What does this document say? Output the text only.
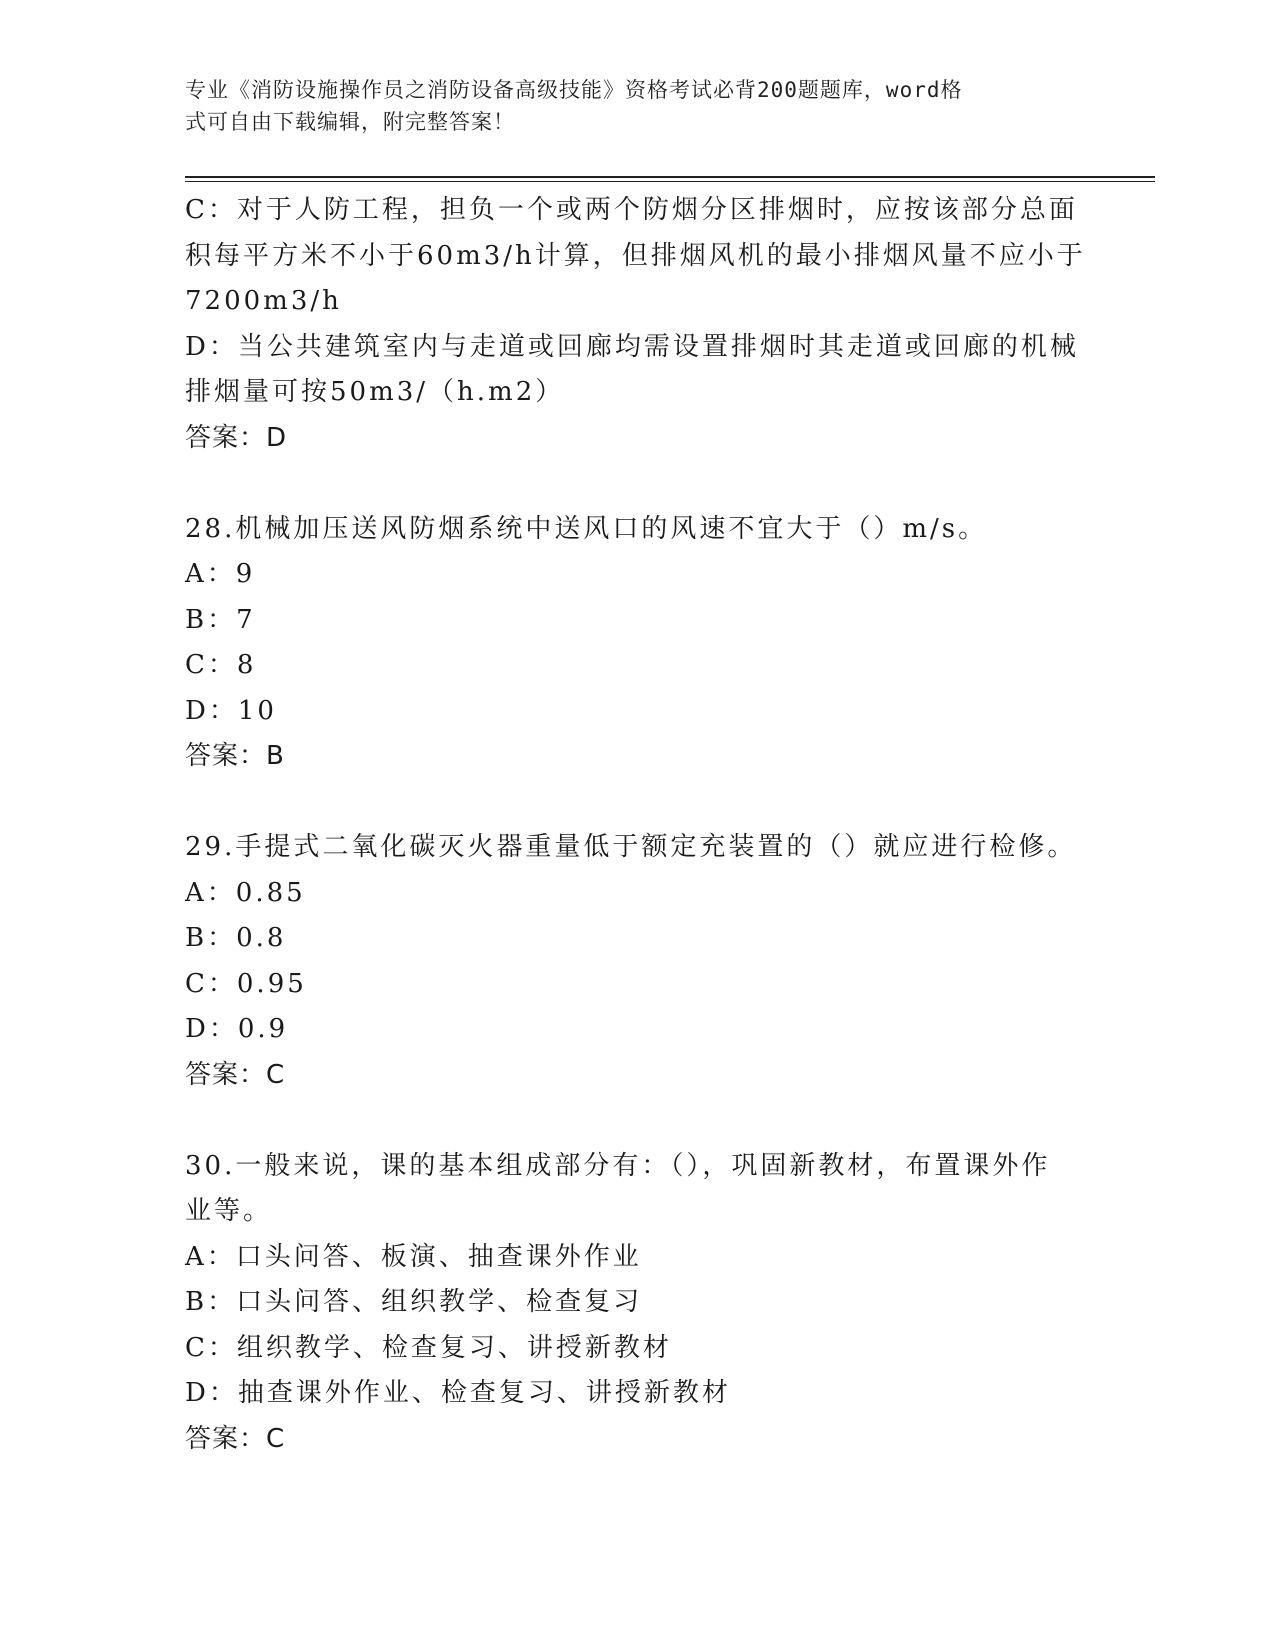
专业《消防设施操作员之消防设备高级技能》资格考试必背200题题库，word格
式可自由下载编辑，附完整答案！
C：对于人防工程，担负一个或两个防烟分区排烟时，应按该部分总面
积每平方米不小于60m3/h计算，但排烟风机的最小排烟风量不应小于
7200m3/h
D：当公共建筑室内与走道或回廊均需设置排烟时其走道或回廊的机械
排烟量可按50m3/（h.m2）
答案：D
28.机械加压送风防烟系统中送风口的风速不宜大于（）m/s。
A：9
B：7
C：8
D：10
答案：B
29.手提式二氧化碳灭火器重量低于额定充装置的（）就应进行检修。
A：0.85
B：0.8
C：0.95
D：0.9
答案：C
30.一般来说，课的基本组成部分有：（），巩固新教材，布置课外作
业等。
A：口头问答、板演、抽查课外作业
B：口头问答、组织教学、检查复习
C：组织教学、检查复习、讲授新教材
D：抽查课外作业、检查复习、讲授新教材
答案：C
